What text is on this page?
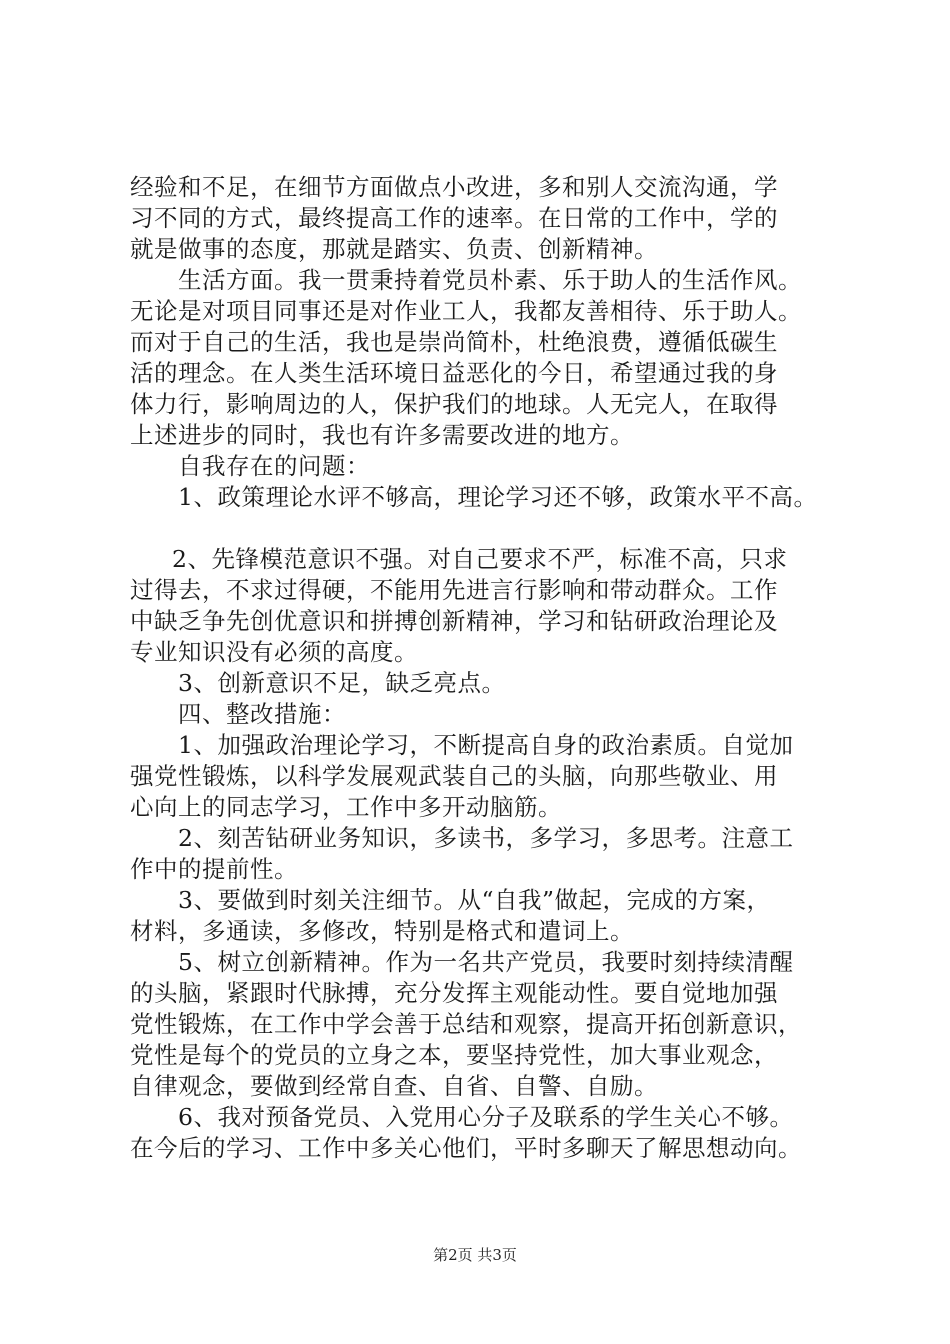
经验和不足，在细节方面做点小改进，多和别人交流沟通，学
习不同的方式，最终提高工作的速率。在日常的工作中，学的
就是做事的态度，那就是踏实、负责、创新精神。
生活方面。我一贯秉持着党员朴素、乐于助人的生活作风。
无论是对项目同事还是对作业工人，我都友善相待、乐于助人。
而对于自己的生活，我也是崇尚简朴，杜绝浪费，遵循低碳生
活的理念。在人类生活环境日益恶化的今日，希望通过我的身
体力行，影响周边的人，保护我们的地球。人无完人，在取得
上述进步的同时，我也有许多需要改进的地方。
自我存在的问题：
1、政策理论水评不够高，理论学习还不够，政策水平不高。
2、先锋模范意识不强。对自己要求不严，标准不高，只求
过得去，不求过得硬，不能用先进言行影响和带动群众。工作
中缺乏争先创优意识和拼搏创新精神，学习和钻研政治理论及
专业知识没有必须的高度。
3、创新意识不足，缺乏亮点。
四、整改措施：
1、加强政治理论学习，不断提高自身的政治素质。自觉加
强党性锻炼，以科学发展观武装自己的头脑，向那些敬业、用
心向上的同志学习，工作中多开动脑筋。
2、刻苦钻研业务知识，多读书，多学习，多思考。注意工
作中的提前性。
3、要做到时刻关注细节。从“自我”做起，完成的方案，
材料，多通读，多修改，特别是格式和遣词上。
5、树立创新精神。作为一名共产党员，我要时刻持续清醒
的头脑，紧跟时代脉搏，充分发挥主观能动性。要自觉地加强
党性锻炼，在工作中学会善于总结和观察，提高开拓创新意识，
党性是每个的党员的立身之本，要坚持党性，加大事业观念，
自律观念，要做到经常自查、自省、自警、自励。
6、我对预备党员、入党用心分子及联系的学生关心不够。
在今后的学习、工作中多关心他们，平时多聊天了解思想动向。
第2页 共3页
